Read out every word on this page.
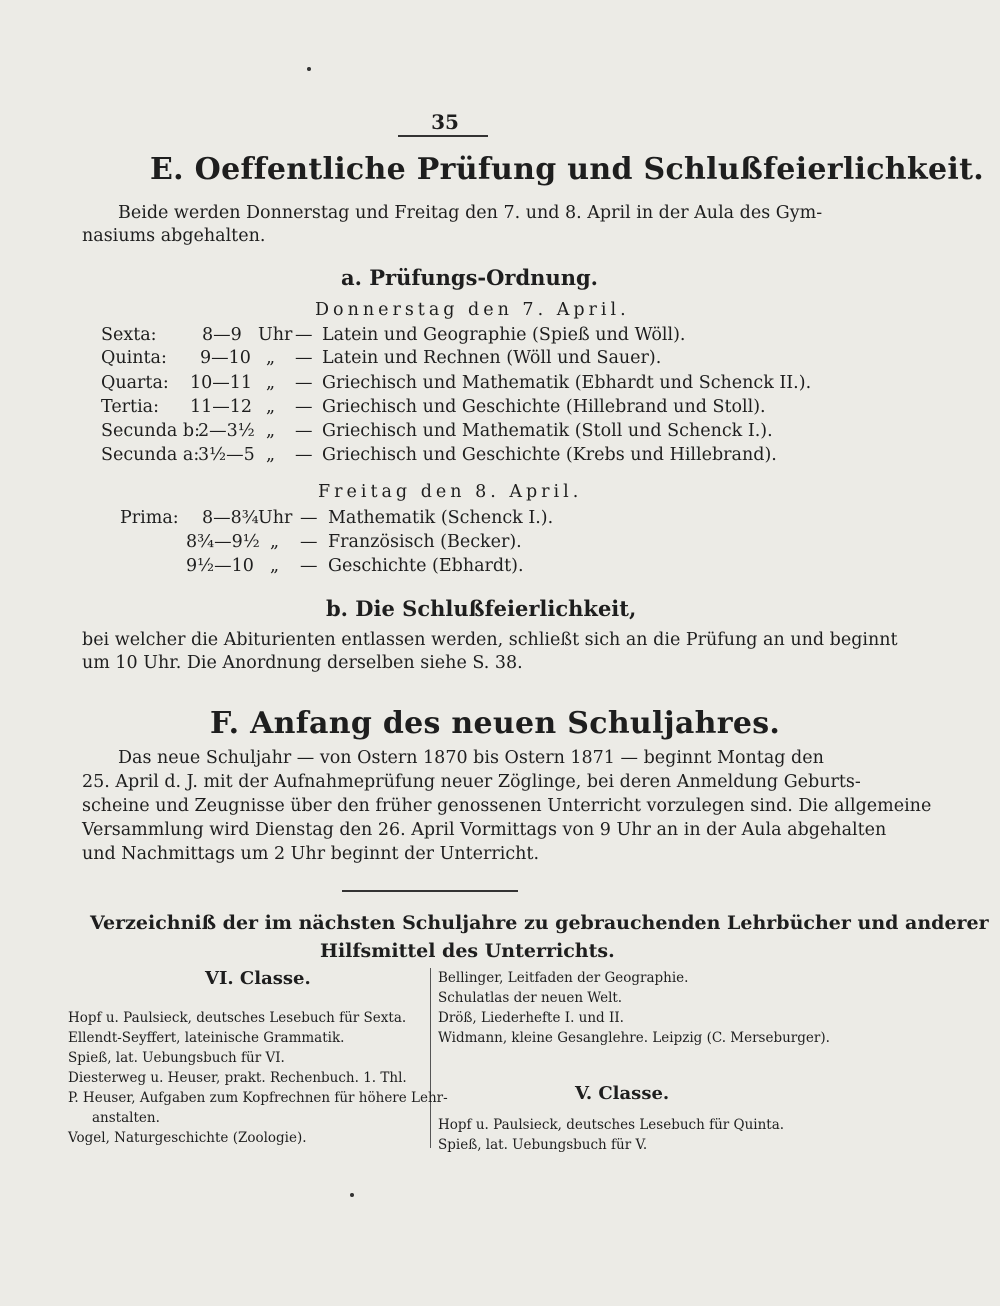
35
E. Oeffentliche Prüfung und Schlußfeierlichkeit.
Beide werden Donnerstag und Freitag den 7. und 8. April in der Aula des Gym-
nasiums abgehalten.
a. Prüfungs-Ordnung.
Donnerstag den 7. April.
Sexta:	8—9 Uhr — Latein und Geographie (Spieß und Wöll).
Quinta: 9—10 „ — Latein und Rechnen (Wöll und Sauer).
Quarta: 10—11 „ — Griechisch und Mathematik (Ebhardt und Schenck II.).
Tertia: 11—12 „ — Griechisch und Geschichte (Hillebrand und Stoll).
Secunda b:
2—3½ „ — Griechisch und Mathematik (Stoll und Schenck I.).
Secunda a:
3½—5 „ — Griechisch und Geschichte (Krebs und Hillebrand).
Freitag den 8. April.
Prima: 8—8¾ Uhr — Mathematik (Schenck I.).
8¾—9½ „ — Französisch (Becker).
9½—10 „ — Geschichte (Ebhardt).
b. Die Schlußfeierlichkeit,
bei welcher die Abiturienten entlassen werden, schließt sich an die Prüfung an und beginnt
um 10 Uhr. Die Anordnung derselben siehe S. 38.
F. Anfang des neuen Schuljahres.
Das neue Schuljahr — von Ostern 1870 bis Ostern 1871 — beginnt Montag den
25. April d. J. mit der Aufnahmeprüfung neuer Zöglinge, bei deren Anmeldung Geburts-
scheine und Zeugnisse über den früher genossenen Unterricht vorzulegen sind. Die allgemeine
Versammlung wird Dienstag den 26. April Vormittags von 9 Uhr an in der Aula abgehalten
und Nachmittags um 2 Uhr beginnt der Unterricht.
Verzeichniß der im nächsten Schuljahre zu gebrauchenden Lehrbücher und anderer
Hilfsmittel des Unterrichts.
VI. Classe.
Hopf u. Paulsieck, deutsches Lesebuch für Sexta.
Ellendt-Seyffert, lateinische Grammatik.
Spieß, lat. Uebungsbuch für VI.
Diesterweg u. Heuser, prakt. Rechenbuch. 1. Thl.
P. Heuser, Aufgaben zum Kopfrechnen für höhere Lehr-
anstalten.
Vogel, Naturgeschichte (Zoologie).
Bellinger, Leitfaden der Geographie.
Schulatlas der neuen Welt.
Dröß, Liederhefte I. und II.
Widmann, kleine Gesanglehre. Leipzig (C. Merseburger).
V. Classe.
Hopf u. Paulsieck, deutsches Lesebuch für Quinta.
Spieß, lat. Uebungsbuch für V.
